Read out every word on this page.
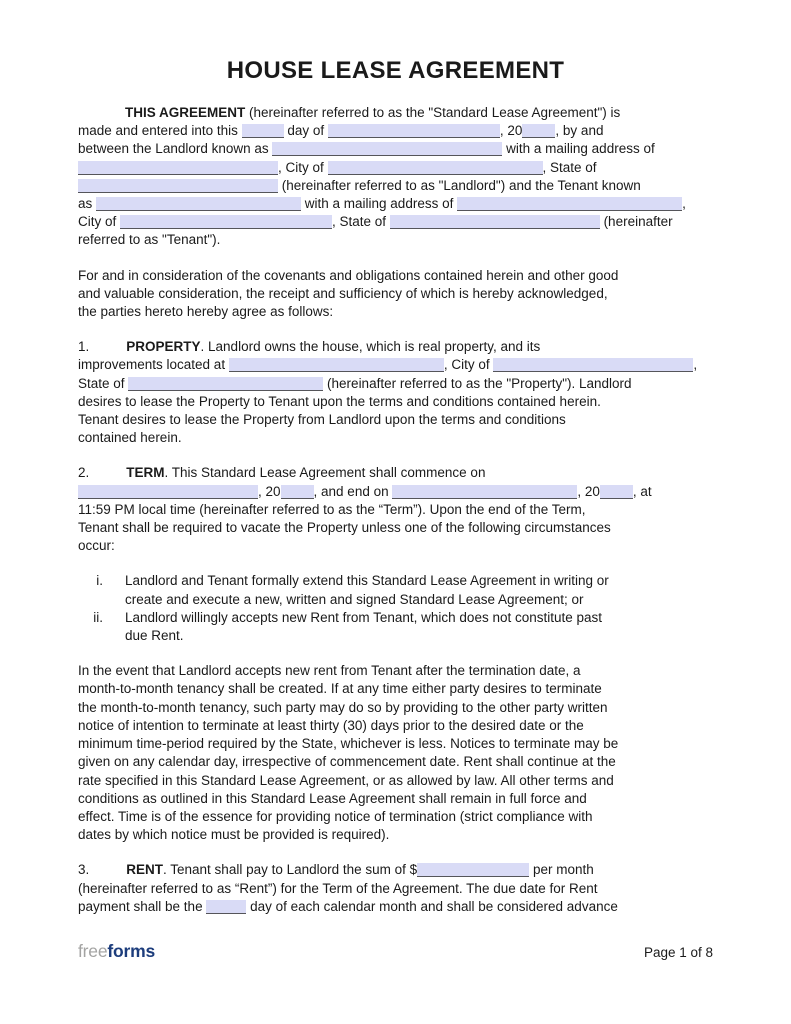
HOUSE LEASE AGREEMENT
THIS AGREEMENT (hereinafter referred to as the "Standard Lease Agreement") is
made and entered into this	day of	, 20 , by and
between the Landlord known as	with a mailing address of
, City of	, State of
(hereinafter referred to as "Landlord") and the Tenant known
as	with a mailing address of	,
City of	, State of	(hereinafter
referred to as "Tenant").
For and in consideration of the covenants and obligations contained herein and other good
and valuable consideration, the receipt and sufficiency of which is hereby acknowledged,
the parties hereto hereby agree as follows:
1.	PROPERTY. Landlord owns the house, which is real property, and its
improvements located at	, City of	,
State of	(hereinafter referred to as the "Property"). Landlord
desires to lease the Property to Tenant upon the terms and conditions contained herein.
Tenant desires to lease the Property from Landlord upon the terms and conditions
contained herein.
2.	TERM. This Standard Lease Agreement shall commence on
, 20 , and end on	, 20 , at
11:59 PM local time (hereinafter referred to as the “Term”). Upon the end of the Term,
Tenant shall be required to vacate the Property unless one of the following circumstances
occur:
i. Landlord and Tenant formally extend this Standard Lease Agreement in writing or
create and execute a new, written and signed Standard Lease Agreement; or
ii. Landlord willingly accepts new Rent from Tenant, which does not constitute past
due Rent.
In the event that Landlord accepts new rent from Tenant after the termination date, a
month-to-month tenancy shall be created. If at any time either party desires to terminate
the month-to-month tenancy, such party may do so by providing to the other party written
notice of intention to terminate at least thirty (30) days prior to the desired date or the
minimum time-period required by the State, whichever is less. Notices to terminate may be
given on any calendar day, irrespective of commencement date. Rent shall continue at the
rate specified in this Standard Lease Agreement, or as allowed by law. All other terms and
conditions as outlined in this Standard Lease Agreement shall remain in full force and
effect. Time is of the essence for providing notice of termination (strict compliance with
dates by which notice must be provided is required).
3.	RENT. Tenant shall pay to Landlord the sum of $	per month
(hereinafter referred to as “Rent”) for the Term of the Agreement. The due date for Rent
payment shall be the	day of each calendar month and shall be considered advance
freeforms	Page 1 of 8
